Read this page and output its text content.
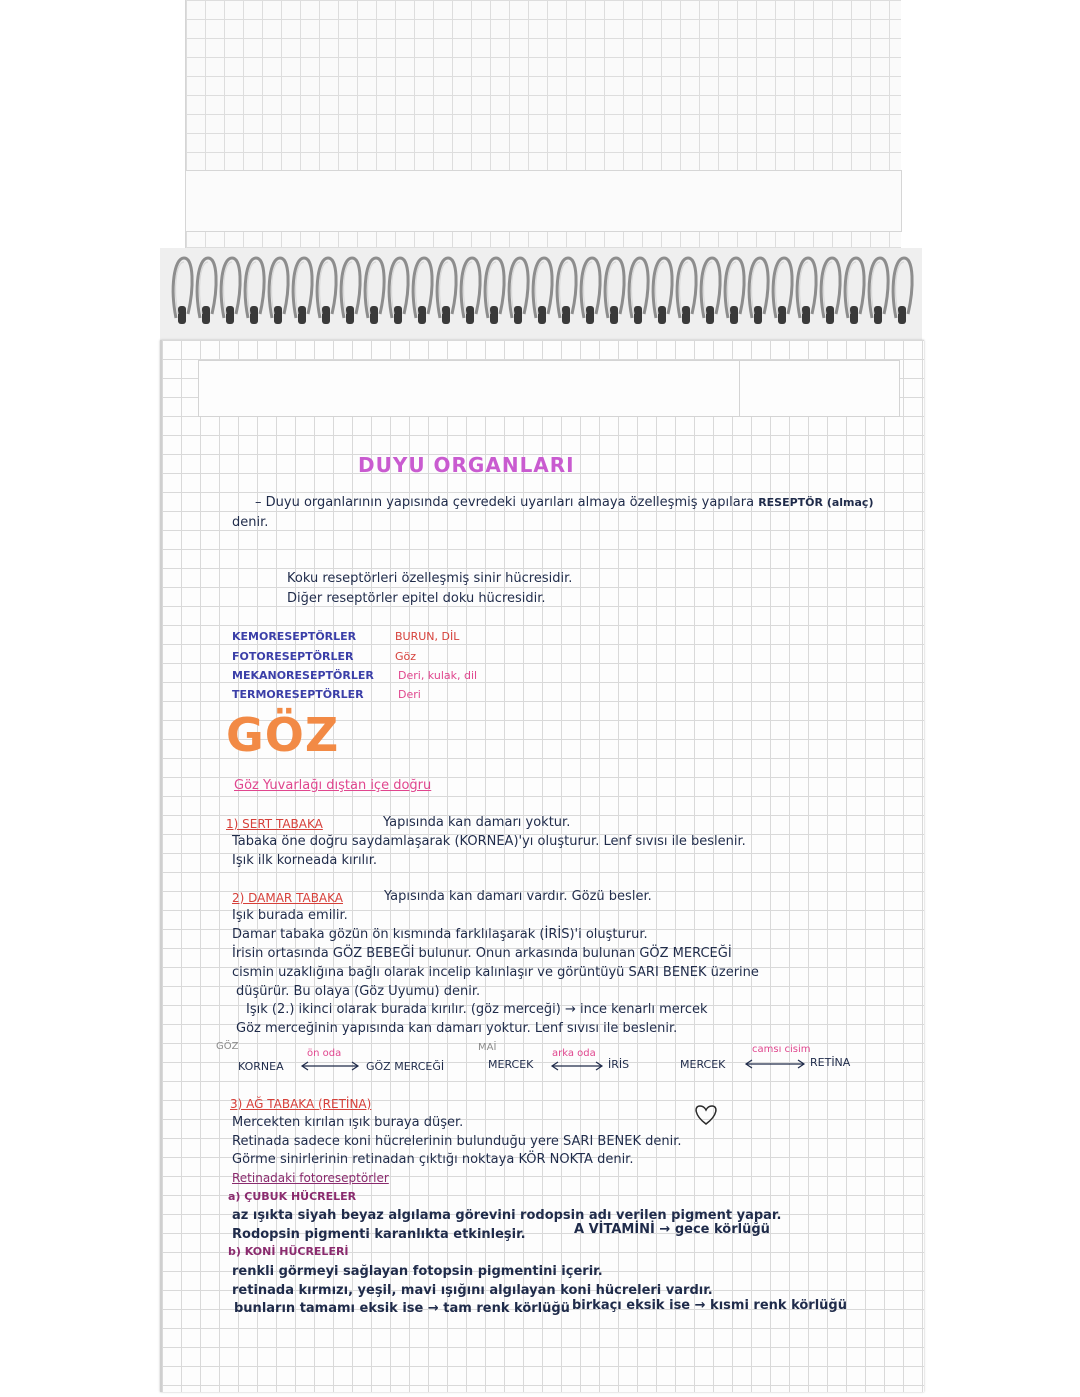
DUYU ORGANLARI
– Duyu organlarının yapısında çevredeki uyarıları almaya özelleşmiş yapılara RESEPTÖR (almaç)
denir.
Koku reseptörleri özelleşmiş sinir hücresidir.
Diğer reseptörler epitel doku hücresidir.
KEMORESEPTÖRLER	BURUN, DİL
FOTORESEPTÖRLER	Göz
MEKANORESEPTÖRLER Deri, kulak, dil
TERMORESEPTÖRLER	Deri
GÖZ
Göz Yuvarlağı dıştan içe doğru
1) SERT TABAKA	Yapısında kan damarı yoktur.
Tabaka öne doğru saydamlaşarak (KORNEA)'yı oluşturur. Lenf sıvısı ile beslenir.
Işık ilk korneada kırılır.
2) DAMAR TABAKA	Yapısında kan damarı vardır. Gözü besler.
Işık burada emilir.
Damar tabaka gözün ön kısmında farklılaşarak (İRİS)'i oluşturur.
İrisin ortasında GÖZ BEBEĞİ bulunur. Onun arkasında bulunan GÖZ MERCEĞİ
cismin uzaklığına bağlı olarak incelip kalınlaşır ve görüntüyü SARI BENEK üzerine
düşürür. Bu olaya (Göz Uyumu) denir.
Işık (2.) ikinci olarak burada kırılır. (göz merceği) → ince kenarlı mercek
Göz merceğinin yapısında kan damarı yoktur. Lenf sıvısı ile beslenir.
GÖZ
KORNEA
ön oda
GÖZ MERCEĞİ
MAİ
MERCEK
arka oda
İRİS	MERCEK
camsı cisim
RETİNA
3) AĞ TABAKA (RETİNA)
Mercekten kırılan ışık buraya düşer.
Retinada sadece koni hücrelerinin bulunduğu yere SARI BENEK denir.
Görme sinirlerinin retinadan çıktığı noktaya KÖR NOKTA denir.
Retinadaki fotoreseptörler
a) ÇUBUK HÜCRELER
az ışıkta siyah beyaz algılama görevini rodopsin adı verilen pigment yapar.
Rodopsin pigmenti karanlıkta etkinleşir.	A VİTAMİNİ → gece körlüğü
b) KONİ HÜCRELERİ
renkli görmeyi sağlayan fotopsin pigmentini içerir.
retinada kırmızı, yeşil, mavi ışığını algılayan koni hücreleri vardır.
bunların tamamı eksik ise → tam renk körlüğü birkaçı eksik ise → kısmi renk körlüğü
